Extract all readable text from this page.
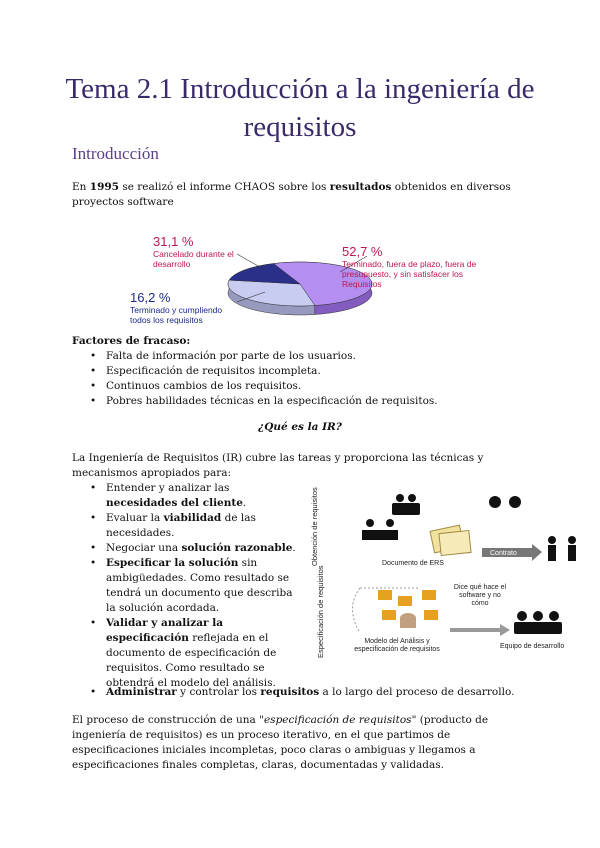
Tema 2.1 Introducción a la ingeniería de requisitos
Introducción
En 1995 se realizó el informe CHAOS sobre los resultados obtenidos en diversos proyectos software
31,1 %
Cancelado durante el desarrollo
52,7 %
Terminado, fuera de plazo, fuera de presupuesto, y sin satisfacer los Requisitos
16,2 %
Terminado y cumpliendo todos los requisitos
Factores de fracaso:
• Falta de información por parte de los usuarios.
• Especificación de requisitos incompleta.
• Continuos cambios de los requisitos.
• Pobres habilidades técnicas en la especificación de requisitos.
¿Qué es la IR?
La Ingeniería de Requisitos (IR) cubre las tareas y proporciona las técnicas y mecanismos apropiados para:
• Entender y analizar las necesidades del cliente.
• Evaluar la viabilidad de las necesidades.
• Negociar una solución razonable.
• Especificar la solución sin ambigüedades. Como resultado se tendrá un documento que describa la solución acordada.
• Validar y analizar la especificación reflejada en el documento de especificación de requisitos. Como resultado se obtendrá el modelo del análisis.
Obtención de requisitos
Especificación de requisitos
Documento de ERS
Contrato
Dice qué hace el software y no cómo
Modelo del Análisis y especificación de requisitos	Equipo de desarrollo
• Administrar y controlar los requisitos a lo largo del proceso de desarrollo.
El proceso de construcción de una "especificación de requisitos" (producto de ingeniería de requisitos) es un proceso iterativo, en el que partimos de especificaciones iniciales incompletas, poco claras o ambiguas y llegamos a especificaciones finales completas, claras, documentadas y validadas.
